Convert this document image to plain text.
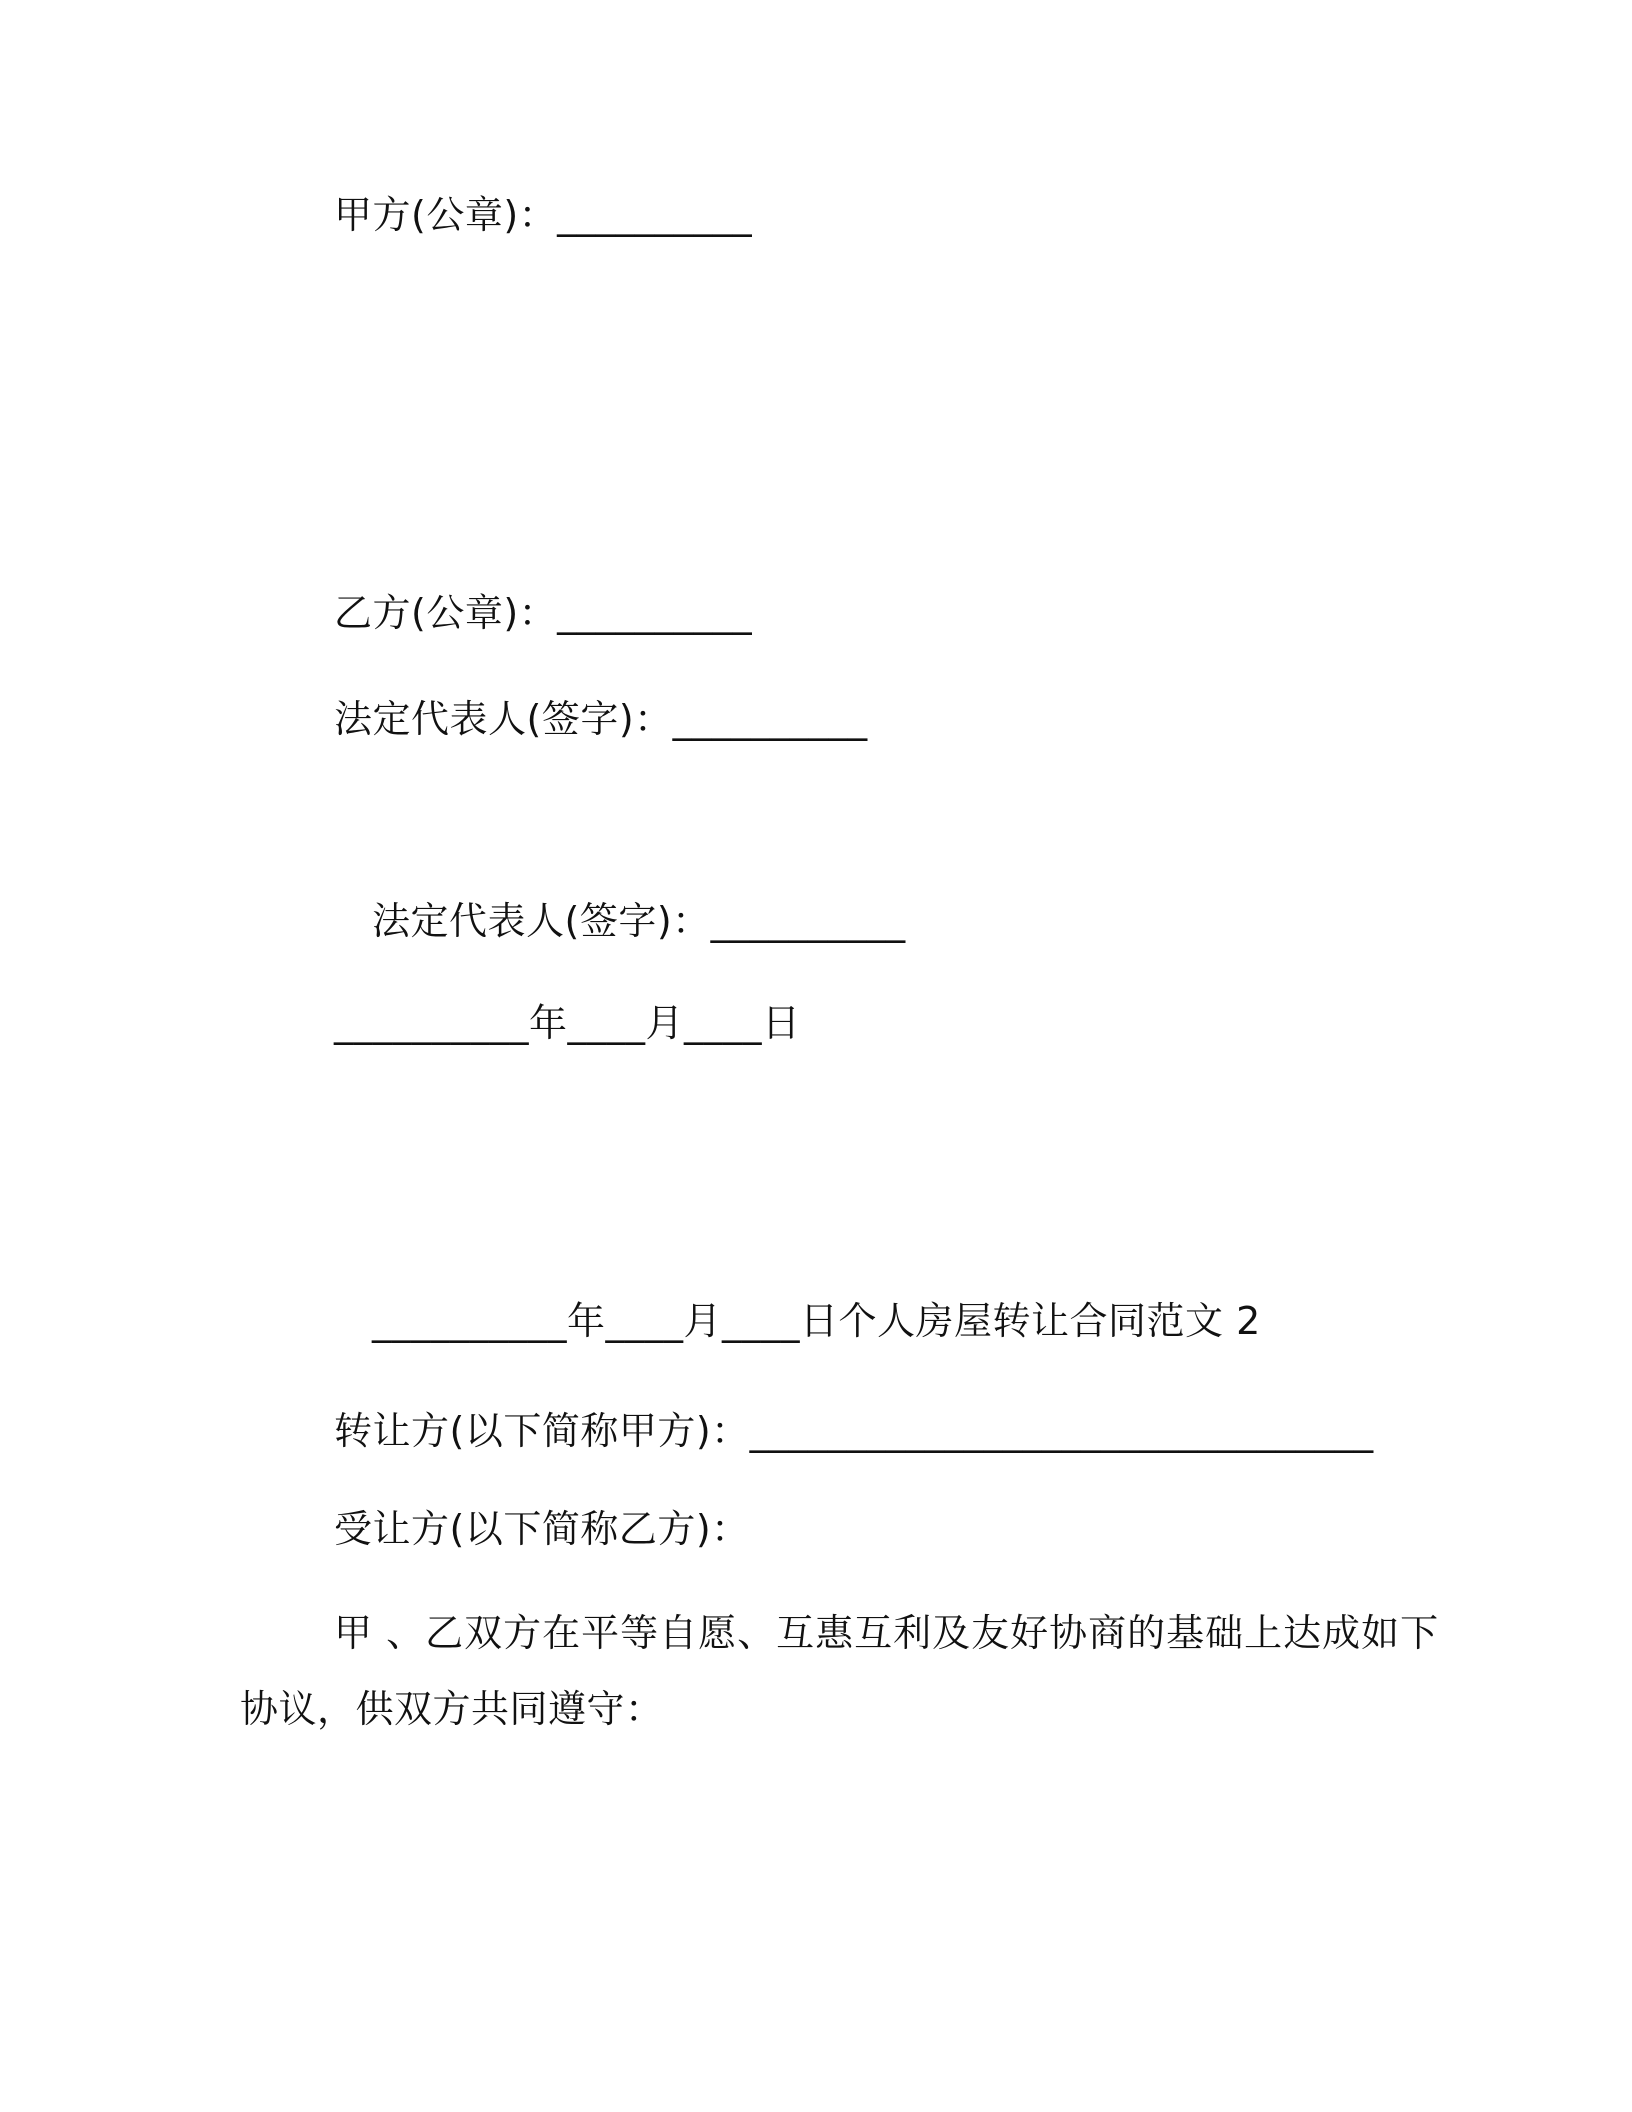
甲方(公章)：__________
乙方(公章)：__________
法定代表人(签字)：__________
法定代表人(签字)：__________
__________年____月____日
__________年____月____日个人房屋转让合同范文 2
转让方(以下简称甲方)：________________________________
受让方(以下简称乙方)：
甲 、乙双方在平等自愿、互惠互利及友好协商的基础上达成如下
协议，供双方共同遵守：
